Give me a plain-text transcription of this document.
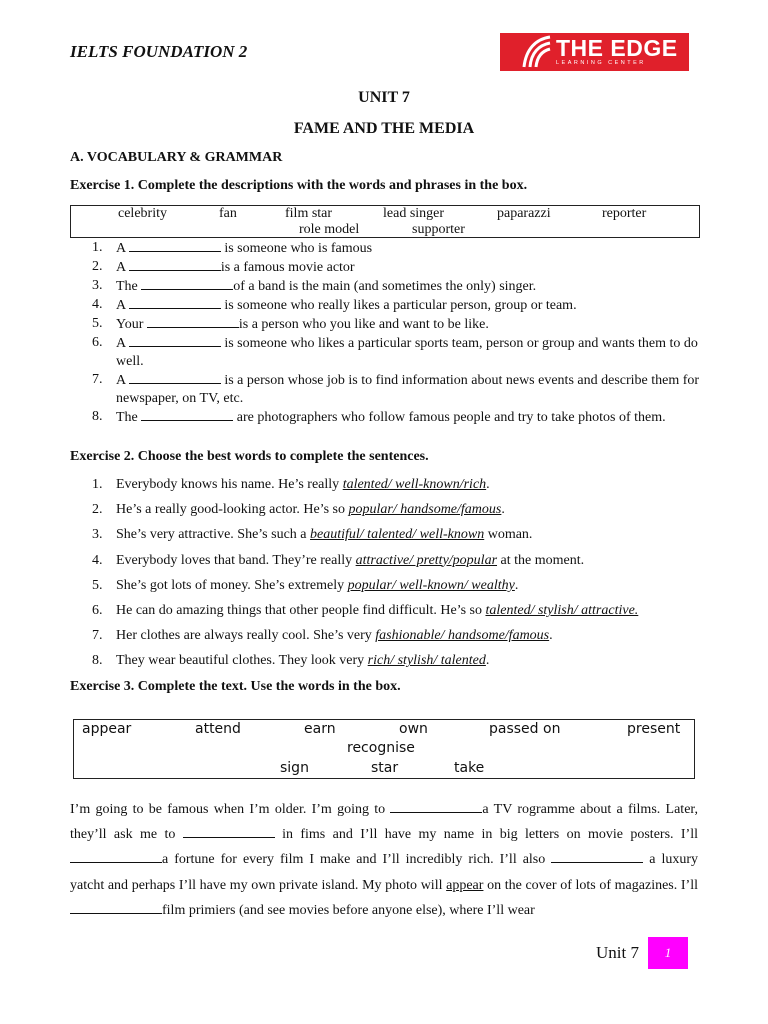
IELTS FOUNDATION 2	THE EDGE
LEARNING CENTER
UNIT 7
FAME AND THE MEDIA
A. VOCABULARY & GRAMMAR
Exercise 1. Complete the descriptions with the words and phrases in the box.
celebrity	fan	film star	lead singer	paparazzi	reporter
role model	supporter
1. A	is someone who is famous
2. A	is a famous movie actor
3. The	of a band is the main (and sometimes the only) singer.
4. A	is someone who really likes a particular person, group or team.
5. Your	is a person who you like and want to be like.
6. A	is someone who likes a particular sports team, person or group and wants them to do well.
7. A	is a person whose job is to find information about news events and describe them for newspaper, on TV, etc.
8. The	are photographers who follow famous people and try to take photos of them.
Exercise 2. Choose the best words to complete the sentences.
1. Everybody knows his name. He’s really talented/ well-known/rich.
2. He’s a really good-looking actor. He’s so popular/ handsome/famous.
3. She’s very attractive. She’s such a beautiful/ talented/ well-known woman.
4. Everybody loves that band. They’re really attractive/ pretty/popular at the moment.
5. She’s got lots of money. She’s extremely popular/ well-known/ wealthy.
6. He can do amazing things that other people find difficult. He’s so talented/ stylish/ attractive.
7. Her clothes are always really cool. She’s very fashionable/ handsome/famous.
8. They wear beautiful clothes. They look very rich/ stylish/ talented.
Exercise 3. Complete the text. Use the words in the box.
appear	attend	earn	own	passed on	present
recognise
sign	star	take
I’m going to be famous when I’m older. I’m going to	a TV rogramme about a films. Later, they’ll ask me to	in fims and I’ll have my name in big letters on movie posters. I’ll a fortune for every film I make and I’ll incredibly rich. I’ll also	a luxury yatcht and perhaps I’ll have my own private island. My photo will appear on the cover of lots of magazines. I’ll film primiers (and see movies before anyone else), where I’ll wear
Unit 7	1
